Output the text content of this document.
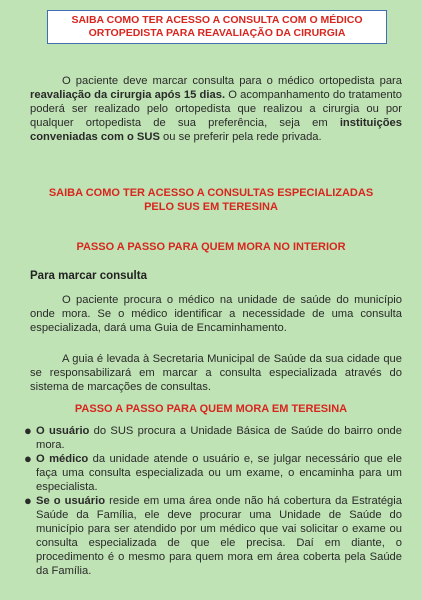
SAIBA COMO TER ACESSO A CONSULTA COM O MÉDICO
ORTOPEDISTA PARA REAVALIAÇÃO DA CIRURGIA
O paciente deve marcar consulta para o médico ortopedista para reavaliação da cirurgia após 15 dias. O acompanhamento do tratamento poderá ser realizado pelo ortopedista que realizou a cirurgia ou por qualquer ortopedista de sua preferência, seja em instituições conveniadas com o SUS ou se preferir pela rede privada.
SAIBA COMO TER ACESSO A CONSULTAS ESPECIALIZADAS
PELO SUS EM TERESINA
PASSO A PASSO PARA QUEM MORA NO INTERIOR
Para marcar consulta
O paciente procura o médico na unidade de saúde do município onde mora. Se o médico identificar a necessidade de uma consulta especializada, dará uma Guia de Encaminhamento.
A guia é levada à Secretaria Municipal de Saúde da sua cidade que se responsabilizará em marcar a consulta especializada através do sistema de marcações de consultas.
PASSO A PASSO PARA QUEM MORA EM TERESINA
● O usuário do SUS procura a Unidade Básica de Saúde do bairro onde mora.
● O médico da unidade atende o usuário e, se julgar necessário que ele faça uma consulta especializada ou um exame, o encaminha para um especialista.
● Se o usuário reside em uma área onde não há cobertura da Estratégia Saúde da Família, ele deve procurar uma Unidade de Saúde do município para ser atendido por um médico que vai solicitar o exame ou consulta especializada de que ele precisa. Daí em diante, o procedimento é o mesmo para quem mora em área coberta pela Saúde da Família.
